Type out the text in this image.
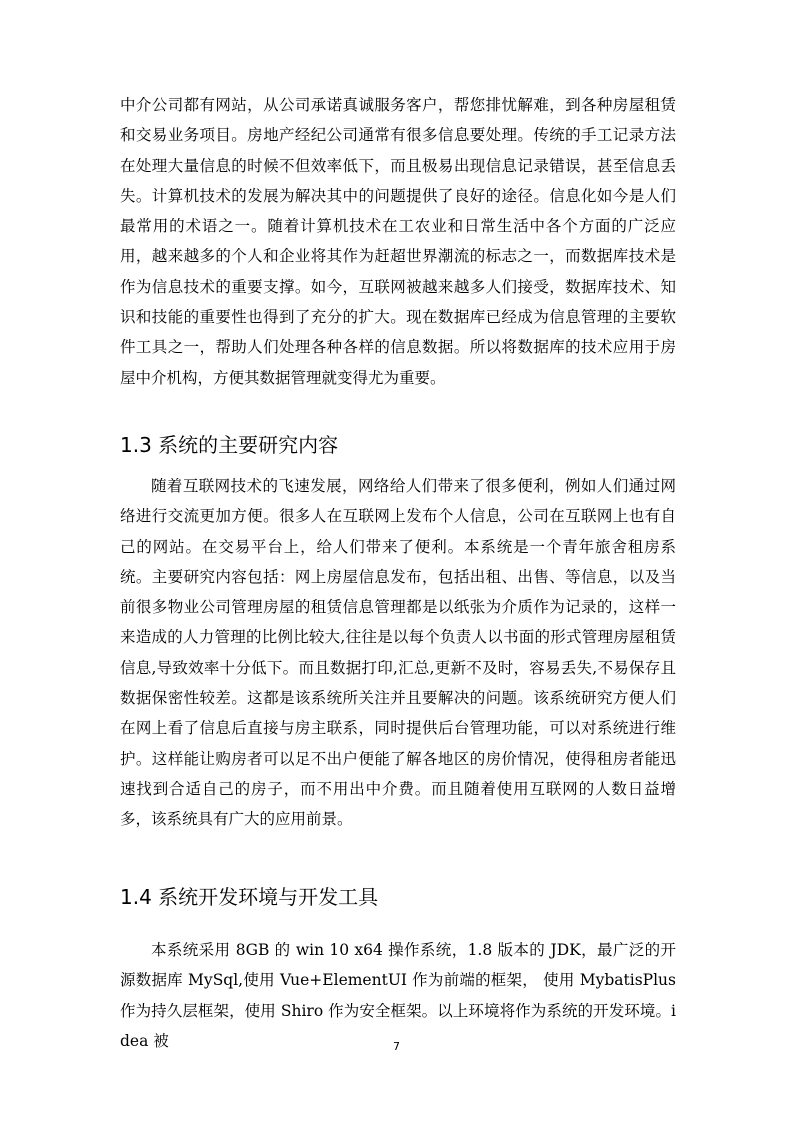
中介公司都有网站，从公司承诺真诚服务客户，帮您排忧解难，到各种房屋租赁和交易业务项目。房地产经纪公司通常有很多信息要处理。传统的手工记录方法在处理大量信息的时候不但效率低下，而且极易出现信息记录错误，甚至信息丢失。计算机技术的发展为解决其中的问题提供了良好的途径。信息化如今是人们最常用的术语之一。随着计算机技术在工农业和日常生活中各个方面的广泛应用，越来越多的个人和企业将其作为赶超世界潮流的标志之一，而数据库技术是作为信息技术的重要支撑。如今，互联网被越来越多人们接受，数据库技术、知识和技能的重要性也得到了充分的扩大。现在数据库已经成为信息管理的主要软件工具之一，帮助人们处理各种各样的信息数据。所以将数据库的技术应用于房屋中介机构，方便其数据管理就变得尤为重要。

1.3 系统的主要研究内容

随着互联网技术的飞速发展，网络给人们带来了很多便利，例如人们通过网络进行交流更加方便。很多人在互联网上发布个人信息，公司在互联网上也有自己的网站。在交易平台上，给人们带来了便利。本系统是一个青年旅舍租房系统。主要研究内容包括：网上房屋信息发布，包括出租、出售、等信息，以及当前很多物业公司管理房屋的租赁信息管理都是以纸张为介质作为记录的，这样一来造成的人力管理的比例比较大,往往是以每个负责人以书面的形式管理房屋租赁信息,导致效率十分低下。而且数据打印,汇总,更新不及时，容易丢失,不易保存且数据保密性较差。这都是该系统所关注并且要解决的问题。该系统研究方便人们在网上看了信息后直接与房主联系，同时提供后台管理功能，可以对系统进行维护。这样能让购房者可以足不出户便能了解各地区的房价情况，使得租房者能迅速找到合适自己的房子，而不用出中介费。而且随着使用互联网的人数日益增多，该系统具有广大的应用前景。

1.4 系统开发环境与开发工具

本系统采用 8GB 的 win 10 x64 操作系统，1.8 版本的 JDK，最广泛的开源数据库 MySql,使用 Vue+ElementUI 作为前端的框架， 使用 MybatisPlus 作为持久层框架，使用 Shiro 作为安全框架。以上环境将作为系统的开发环境。idea 被	7
